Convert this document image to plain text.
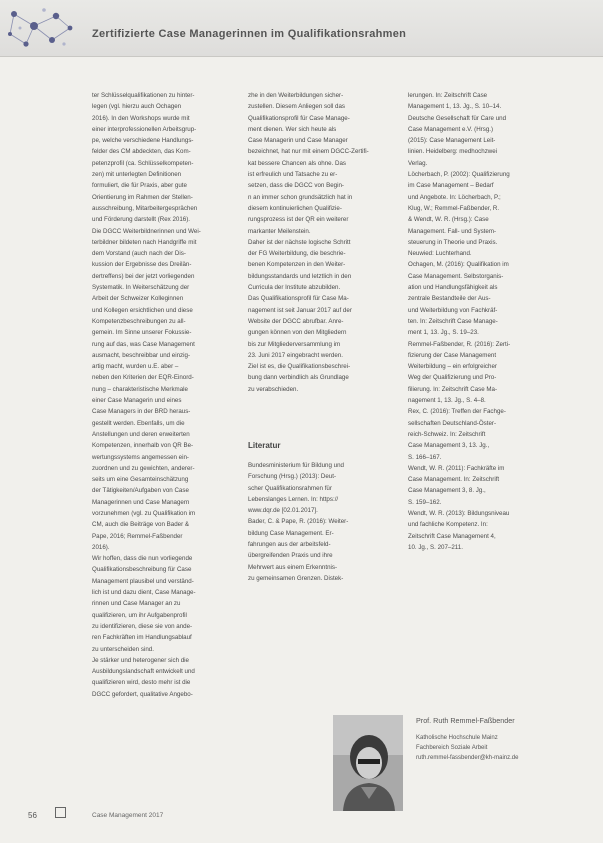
Zertifizierte Case Managerinnen im Qualifikationsrahmen
ter Schlüsselqualifikationen zu hinter-
legen (vgl. hierzu auch Ochagen
2016). In den Workshops wurde mit
einer interprofessionellen Arbeitsgrup-
pe, welche verschiedene Handlungs-
felder des CM abdeckten, das Kom-
petenzprofil (ca. Schlüsselkompeten-
zen) mit unterlegten Definitionen
formuliert, die für Praxis, aber gute
Orientierung im Rahmen der Stellen-
ausschreibung, Mitarbeitergesprächen
und Förderung darstellt (Rex 2016).
Die DGCC Weiterbildnerinnen und Wei-
terbildner bildeten nach Handgriffe mit
dem Vorstand (auch nach der Dis-
kussion der Ergebnisse des Dreilän-
dertreffens) bei der jetzt vorliegenden
Systematik. In Weiterschätzung der
Arbeit der Schweizer Kolleginnen
und Kollegen ersichtlichen und diese
Kompetenzbeschreibungen zu all-
gemein. Im Sinne unserer Fokussie-
rung auf das, was Case Management
ausmacht, beschreibbar und einzig-
artig macht, wurden u.E. aber –
neben den Kriterien der EQR-Einord-
nung – charakteristische Merkmale
einer Case Managerin und eines
Case Managers in der BRD heraus-
gestellt werden. Ebenfalls, um die
Anstellungen und deren erweiterten
Kompetenzen, innerhalb von QR Be-
wertungssystems angemessen ein-
zuordnen und zu gewichten, anderer-
seits um eine Gesamteinschätzung
der Tätigkeiten/Aufgaben von Case
Managerinnen und Case Managern
vorzunehmen (vgl. zu Qualifikation im
CM, auch die Beiträge von Bader &
Pape, 2016; Remmel-Faßbender
2016).
Wir hoffen, dass die nun vorliegende
Qualifikationsbeschreibung für Case
Management plausibel und verständ-
lich ist und dazu dient, Case Manage-
rinnen und Case Manager an zu
qualifizieren, um ihr Aufgabenprofil
zu identifizieren, diese sie von ande-
ren Fachkräften im Handlungsablauf
zu unterscheiden sind.
Je stärker und heterogener sich die
Ausbildungslandschaft entwickelt und
qualifizieren wird, desto mehr ist die
DGCC gefordert, qualitative Angebo-
zhe in den Weiterbildungen sicher-
zustellen. Diesem Anliegen soll das
Qualifikationsprofil für Case Manage-
ment dienen. Wer sich heute als
Case Managerin und Case Manager
bezeichnet, hat nur mit einem DGCC-Zertifi-
kat bessere Chancen als ohne. Das
ist erfreulich und Tatsache zu er-
setzen, dass die DGCC von Begin-
n an immer schon grundsätzlich hat in
diesem kontinuierlichen Qualifizie-
rungsprozess ist der QR ein weiterer
markanter Meilenstein.
Daher ist der nächste logische Schritt
der FG Weiterbildung, die beschrie-
benen Kompetenzen in den Weiter-
bildungsstandards und letztlich in den
Curricula der Institute abzubilden.
Das Qualifikationsprofil für Case Ma-
nagement ist seit Januar 2017 auf der
Website der DGCC abrufbar. Anre-
gungen können von den Mitgliedern
bis zur Mitgliederversammlung im
23. Juni 2017 eingebracht werden.
Ziel ist es, die Qualifikationsbeschrei-
bung dann verbindlich als Grundlage
zu verabschieden.
Literatur
Bundesministerium für Bildung und
Forschung (Hrsg.) (2013): Deut-
scher Qualifikationsrahmen für
Lebenslanges Lernen. In: https://
www.dqr.de [02.01.2017].
Bader, C. & Pape, R. (2016): Weiter-
bildung Case Management. Er-
fahrungen aus der arbeitsfeld-
übergreifenden Praxis und ihre
Mehrwert aus einem Erkenntnis-
zu gemeinsamen Grenzen. Distek-
lerungen. In: Zeitschrift Case
Management 1, 13. Jg., S. 10–14.
Deutsche Gesellschaft für Care und
Case Management e.V. (Hrsg.)
(2015): Case Management Leit-
linien. Heidelberg: medhochzwei
Verlag.
Löcherbach, P. (2002): Qualifizierung
im Case Management – Bedarf
und Angebote. In: Löcherbach, P.;
Klug, W.; Remmel-Faßbender, R.
& Wendt, W. R. (Hrsg.): Case
Management. Fall- und System-
steuerung in Theorie und Praxis.
Neuwied: Luchterhand.
Ochagen, M. (2016): Qualifikation im
Case Management. Selbstorganis-
ation und Handlungsfähigkeit als
zentrale Bestandteile der Aus-
und Weiterbildung von Fachkräf-
ten. In: Zeitschrift Case Manage-
ment 1, 13. Jg., S. 19–23.
Remmel-Faßbender, R. (2016): Zerti-
fizierung der Case Management
Weiterbildung – ein erfolgreicher
Weg der Qualifizierung und Pro-
filierung. In: Zeitschrift Case Ma-
nagement 1, 13. Jg., S. 4–8.
Rex, C. (2016): Treffen der Fachge-
sellschaften Deutschland-Öster-
reich-Schweiz. In: Zeitschrift
Case Management 3, 13. Jg.,
S. 166–167.
Wendt, W. R. (2011): Fachkräfte im
Case Management. In: Zeitschrift
Case Management 3, 8. Jg.,
S. 159–162.
Wendt, W. R. (2013): Bildungsniveau
und fachliche Kompetenz. In:
Zeitschrift Case Management 4,
10. Jg., S. 207–211.
Prof. Ruth Remmel-Faßbender
Katholische Hochschule Mainz
Fachbereich Soziale Arbeit
ruth.remmel-fassbender@kh-mainz.de
56	Case Management 2017
